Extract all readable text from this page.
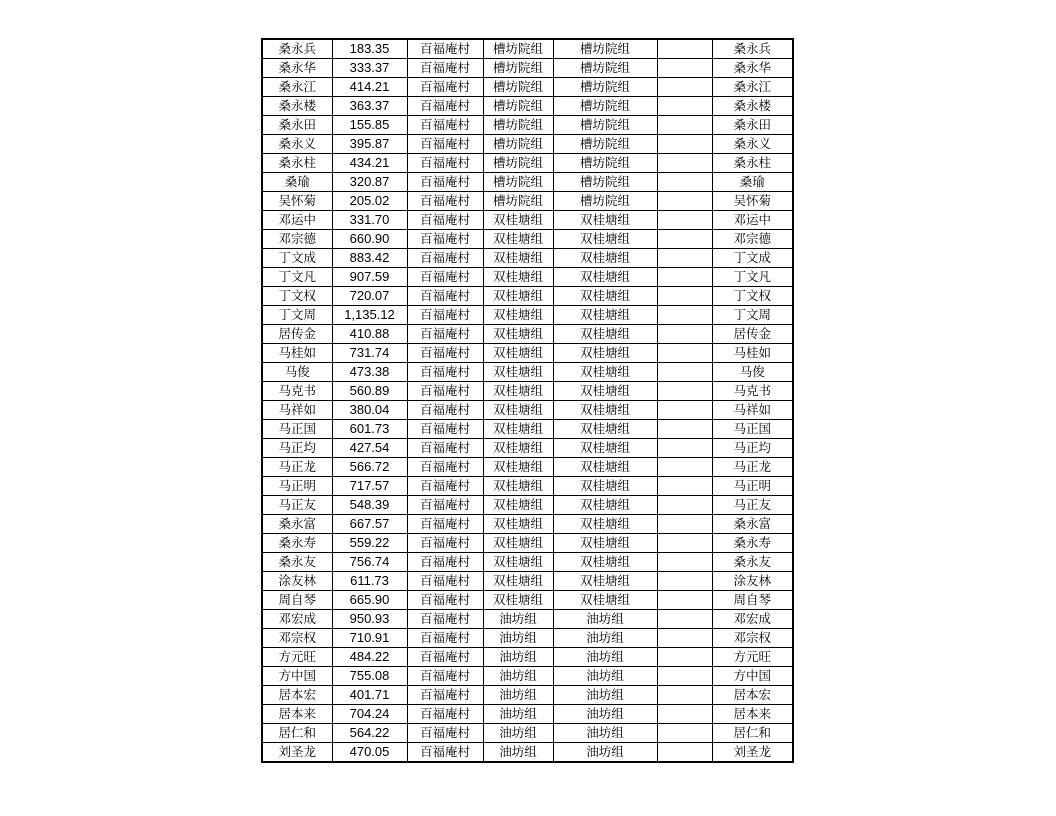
桑永兵	183.35	百福庵村	槽坊院组	槽坊院组		桑永兵
桑永华	333.37	百福庵村	槽坊院组	槽坊院组		桑永华
桑永江	414.21	百福庵村	槽坊院组	槽坊院组		桑永江
桑永楼	363.37	百福庵村	槽坊院组	槽坊院组		桑永楼
桑永田	155.85	百福庵村	槽坊院组	槽坊院组		桑永田
桑永义	395.87	百福庵村	槽坊院组	槽坊院组		桑永义
桑永柱	434.21	百福庵村	槽坊院组	槽坊院组		桑永柱
桑瑜	320.87	百福庵村	槽坊院组	槽坊院组		桑瑜
吴怀菊	205.02	百福庵村	槽坊院组	槽坊院组		吴怀菊
邓运中	331.70	百福庵村	双桂塘组	双桂塘组		邓运中
邓宗德	660.90	百福庵村	双桂塘组	双桂塘组		邓宗德
丁文成	883.42	百福庵村	双桂塘组	双桂塘组		丁文成
丁文凡	907.59	百福庵村	双桂塘组	双桂塘组		丁文凡
丁文权	720.07	百福庵村	双桂塘组	双桂塘组		丁文权
丁文周	1,135.12	百福庵村	双桂塘组	双桂塘组		丁文周
居传金	410.88	百福庵村	双桂塘组	双桂塘组		居传金
马桂如	731.74	百福庵村	双桂塘组	双桂塘组		马桂如
马俊	473.38	百福庵村	双桂塘组	双桂塘组		马俊
马克书	560.89	百福庵村	双桂塘组	双桂塘组		马克书
马祥如	380.04	百福庵村	双桂塘组	双桂塘组		马祥如
马正国	601.73	百福庵村	双桂塘组	双桂塘组		马正国
马正均	427.54	百福庵村	双桂塘组	双桂塘组		马正均
马正龙	566.72	百福庵村	双桂塘组	双桂塘组		马正龙
马正明	717.57	百福庵村	双桂塘组	双桂塘组		马正明
马正友	548.39	百福庵村	双桂塘组	双桂塘组		马正友
桑永富	667.57	百福庵村	双桂塘组	双桂塘组		桑永富
桑永寿	559.22	百福庵村	双桂塘组	双桂塘组		桑永寿
桑永友	756.74	百福庵村	双桂塘组	双桂塘组		桑永友
涂友林	611.73	百福庵村	双桂塘组	双桂塘组		涂友林
周自琴	665.90	百福庵村	双桂塘组	双桂塘组		周自琴
邓宏成	950.93	百福庵村	油坊组	油坊组		邓宏成
邓宗权	710.91	百福庵村	油坊组	油坊组		邓宗权
方元旺	484.22	百福庵村	油坊组	油坊组		方元旺
方中国	755.08	百福庵村	油坊组	油坊组		方中国
居本宏	401.71	百福庵村	油坊组	油坊组		居本宏
居本来	704.24	百福庵村	油坊组	油坊组		居本来
居仁和	564.22	百福庵村	油坊组	油坊组		居仁和
刘圣龙	470.05	百福庵村	油坊组	油坊组		刘圣龙
